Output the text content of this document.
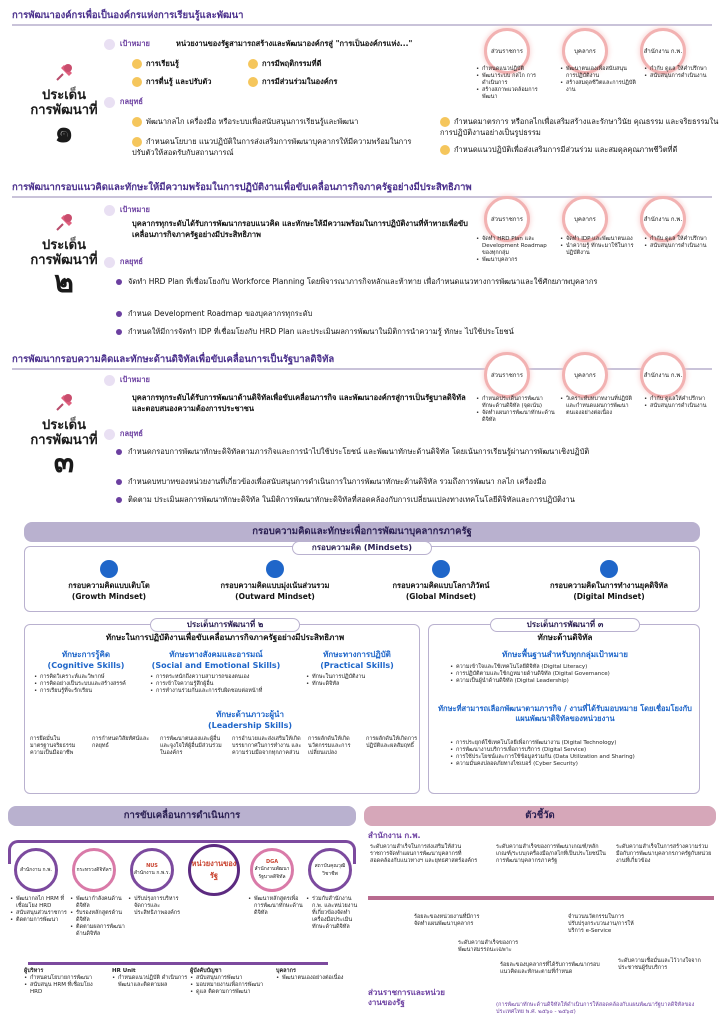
การพัฒนาองค์กรเพื่อเป็นองค์กรแห่งการเรียนรู้และพัฒนา
ประเด็น
การพัฒนาที่
๑
เป้าหมาย	หน่วยงานของรัฐสามารถสร้างและพัฒนาองค์กรสู่ "การเป็นองค์กรแห่ง..."
การเรียนรู้	การมีพฤติกรรมที่ดี
การตื่นรู้ และปรับตัว	การมีส่วนร่วมในองค์กร
กลยุทธ์
พัฒนากลไก เครื่องมือ หรือระบบเพื่อสนับสนุนการเรียนรู้และพัฒนา
กำหนดนโยบาย แนวปฏิบัติในการส่งเสริมการพัฒนาบุคลากรให้มีความพร้อมในการปรับตัวให้สอดรับกับสถานการณ์
กำหนดมาตรการ หรือกลไกเพื่อเสริมสร้างและรักษาวินัย คุณธรรม และจริยธรรมในการปฏิบัติงานอย่างเป็นรูปธรรม
กำหนดแนวปฏิบัติเพื่อส่งเสริมการมีส่วนร่วม และสมดุลคุณภาพชีวิตที่ดี
ส่วนราชการ	บุคลากร	สำนักงาน ก.พ.
• กำหนดแนวปฏิบัติ
• พัฒนาระบบ กลไก การดำเนินการ
• สร้างสภาพแวดล้อมการพัฒนา
• พัฒนาตนเองเพื่อสนับสนุนการปฏิบัติงาน
• สร้างสมดุลชีวิตและการปฏิบัติงาน
• กำกับ ดูแล ให้คำปรึกษา
• สนับสนุนการดำเนินงาน
การพัฒนากรอบแนวคิดและทักษะให้มีความพร้อมในการปฏิบัติงานเพื่อขับเคลื่อนภารกิจภาครัฐอย่างมีประสิทธิภาพ
ประเด็น
การพัฒนาที่
๒
เป้าหมาย
บุคลากรทุกระดับได้รับการพัฒนากรอบแนวคิด และทักษะให้มีความพร้อมในการปฏิบัติงานที่ท้าทายเพื่อขับเคลื่อนภารกิจภาครัฐอย่างมีประสิทธิภาพ
กลยุทธ์
จัดทำ HRD Plan ที่เชื่อมโยงกับ Workforce Planning โดยพิจารณาภารกิจหลักและท้าทาย เพื่อกำหนดแนวทางการพัฒนาและใช้ศักยภาพบุคลากร
กำหนด Development Roadmap ของบุคลากรทุกระดับ
กำหนดให้มีการจัดทำ IDP ที่เชื่อมโยงกับ HRD Plan และประเมินผลการพัฒนาในมิติการนำความรู้ ทักษะ ไปใช้ประโยชน์
ส่วนราชการ	บุคลากร	สำนักงาน ก.พ.
• จัดทำ HRD Plan และ Development Roadmap ของทุกกลุ่ม
• พัฒนาบุคลากร
• จัดทำ IDP และพัฒนาตนเอง
• นำความรู้ ทักษะมาใช้ในการปฏิบัติงาน
• กำกับ ดูแล ให้คำปรึกษา
• สนับสนุนการดำเนินงาน
การพัฒนากรอบความคิดและทักษะด้านดิจิทัลเพื่อขับเคลื่อนการเป็นรัฐบาลดิจิทัล
ประเด็น
การพัฒนาที่
๓
เป้าหมาย
บุคลากรทุกระดับได้รับการพัฒนาด้านดิจิทัลเพื่อขับเคลื่อนภารกิจ และพัฒนาองค์กรสู่การเป็นรัฐบาลดิจิทัล และตอบสนองความต้องการประชาชน
กลยุทธ์
กำหนดกรอบการพัฒนาทักษะดิจิทัลตามภารกิจและการนำไปใช้ประโยชน์ และพัฒนาทักษะด้านดิจิทัล โดยเน้นการเรียนรู้ผ่านการพัฒนาเชิงปฏิบัติ
กำหนดบทบาทของหน่วยงานที่เกี่ยวข้องเพื่อสนับสนุนการดำเนินการในการพัฒนาทักษะด้านดิจิทัล รวมถึงการพัฒนา กลไก เครื่องมือ
ติดตาม ประเมินผลการพัฒนาทักษะดิจิทัล ในมิติการพัฒนาทักษะดิจิทัลที่สอดคล้องกับการเปลี่ยนแปลงทางเทคโนโลยีดิจิทัลและการปฏิบัติงาน
ส่วนราชการ	บุคลากร	สำนักงาน ก.พ.
• กำหนดประเด็นการพัฒนาทักษะด้านดิจิทัล (จุดเน้น)
• จัดทำแผนการพัฒนาทักษะด้านดิจิทัล
• วิเคราะห์บทบาทงานที่ปฏิบัติ และกำหนดแผนการพัฒนาตนเองอย่างต่อเนื่อง
• กำกับ ดูแลให้คำปรึกษา
• สนับสนุนการดำเนินงาน
กรอบความคิดและทักษะเพื่อการพัฒนาบุคลากรภาครัฐ
กรอบความคิด (Mindsets)
กรอบความคิดแบบเติบโต
(Growth Mindset)
กรอบความคิดแบบมุ่งเน้นส่วนรวม
(Outward Mindset)
กรอบความคิดแบบโลกาภิวัตน์
(Global Mindset)
กรอบความคิดในการทำงานยุคดิจิทัล
(Digital Mindset)
ประเด็นการพัฒนาที่ ๒
ทักษะในการปฏิบัติงานเพื่อขับเคลื่อนภารกิจภาครัฐอย่างมีประสิทธิภาพ
ทักษะการรู้คิด
(Cognitive Skills)
• การคิดวิเคราะห์และวิพากษ์
• การคิดอย่างเป็นระบบและสร้างสรรค์
• การเรียนรู้ที่จะรักเรียน
ทักษะทางสังคมและอารมณ์
(Social and Emotional Skills)
• การตระหนักถึงความสามารถของตนเอง
• การเข้าใจความรู้สึกผู้อื่น
• การทำงานร่วมกันและการรับผิดชอบต่อหน้าที่
ทักษะทางการปฏิบัติ
(Practical Skills)
• ทักษะในการปฏิบัติงาน
• ทักษะดิจิทัล
ทักษะด้านภาวะผู้นำ
(Leadership Skills)
การยึดมั่นในมาตรฐานจริยธรรมความเป็นมืออาชีพ
การกำหนดวิสัยทัศน์และกลยุทธ์
การพัฒนาตนเองและผู้อื่น และจูงใจให้ผู้อื่นมีส่วนร่วมในองค์กร
การอำนวยและส่งเสริมให้เกิดบรรยากาศในการทำงาน และความร่วมมือจากทุกภาคส่วน
การผลักดันให้เกิดนวัตกรรมและการเปลี่ยนแปลง
การผลักดันให้เกิดการปฏิบัติและผลสัมฤทธิ์
ประเด็นการพัฒนาที่ ๓
ทักษะด้านดิจิทัล
ทักษะพื้นฐานสำหรับทุกกลุ่มเป้าหมาย
• ความเข้าใจและใช้เทคโนโลยีดิจิทัล (Digital Literacy)
• การปฏิบัติตามและใช้กฎหมายด้านดิจิทัล (Digital Governance)
• ความเป็นผู้นำด้านดิจิทัล (Digital Leadership)
ทักษะที่สามารถเลือกพัฒนาตามภารกิจ / งานที่ได้รับมอบหมาย โดยเชื่อมโยงกับแผนพัฒนาดิจิทัลของหน่วยงาน
• การประยุกต์ใช้เทคโนโลยีเพื่อการพัฒนางาน (Digital Technology)
• การพัฒนางานบริการเพื่อการบริการ (Digital Service)
• การใช้ประโยชน์และการใช้ข้อมูลร่วมกัน (Data Utilization and Sharing)
• ความมั่นคงปลอดภัยทางไซเบอร์ (Cyber Security)
การขับเคลื่อนการดำเนินการ
สำนักงาน ก.พ.	กระทรวงดิจิทัลฯ
NUS
สำนักงาน ก.พ.ร.
หน่วยงานของรัฐ
DGA
สำนักงานพัฒนารัฐบาลดิจิทัล
สถาบันคุณวุฒิวิชาชีพ
• พัฒนากลไก HRM ที่เชื่อมโยง HRD
• สนับสนุนส่วนราชการ
• ติดตามการพัฒนา
• พัฒนากำลังคนด้านดิจิทัล
• รับรองหลักสูตรด้านดิจิทัล
• ติดตามผลการพัฒนาด้านดิจิทัล
• ปรับปรุงการบริหารจัดการและประสิทธิภาพองค์กร
• พัฒนาหลักสูตรเพื่อการพัฒนาทักษะด้านดิจิทัล
• ร่วมกับสำนักงาน ก.พ. และหน่วยงานที่เกี่ยวข้องจัดทำเครื่องมือประเมินทักษะด้านดิจิทัล
ผู้บริหาร
• กำหนดนโยบายการพัฒนา
• สนับสนุน HRM ที่เชื่อมโยง HRD
HR Unit
• กำหนดแนวปฏิบัติ ดำเนินการพัฒนาและติดตามผล
ผู้บังคับบัญชา
• สนับสนุนการพัฒนา
• มอบหมายงานเพื่อการพัฒนา
• ดูแล ติดตามการพัฒนา
บุคลากร
• พัฒนาตนเองอย่างต่อเนื่อง
ตัวชี้วัด
สำนักงาน ก.พ.
ระดับความสำเร็จในการส่งเสริมให้ส่วนราชการจัดทำแผนการพัฒนาบุคลากรที่สอดคล้องกับแนวทางฯ และยุทธศาสตร์องค์กร
ระดับความสำเร็จของการพัฒนาเกณฑ์/หลักเกณฑ์/ระบบ/เครื่องมือ/กลไกที่เป็นประโยชน์ในการพัฒนาบุคลากรภาครัฐ
ระดับความสำเร็จในการสร้างความร่วมมือกับการพัฒนาบุคลากรภาครัฐกับหน่วยงานที่เกี่ยวข้อง
ร้อยละของหน่วยงานที่มีการจัดทำแผนพัฒนาบุคลากร
ระดับความสำเร็จของการพัฒนาสมรรถนะเฉพาะ
ร้อยละของบุคลากรที่ได้รับการพัฒนากรอบแนวคิดและทักษะตามที่กำหนด
จำนวนนวัตกรรมในการปรับปรุงกระบวนงาน/การให้บริการ e-Service
ระดับความเชื่อมั่นและไว้วางใจจากประชาชนผู้รับบริการ
ส่วนราชการและหน่วยงานของรัฐ	(การพัฒนาทักษะด้านดิจิทัลให้ดำเนินการให้สอดคล้องกับแผนพัฒนารัฐบาลดิจิทัลของประเทศไทย พ.ศ. ๒๕๖๐ - ๒๕๖๔)
